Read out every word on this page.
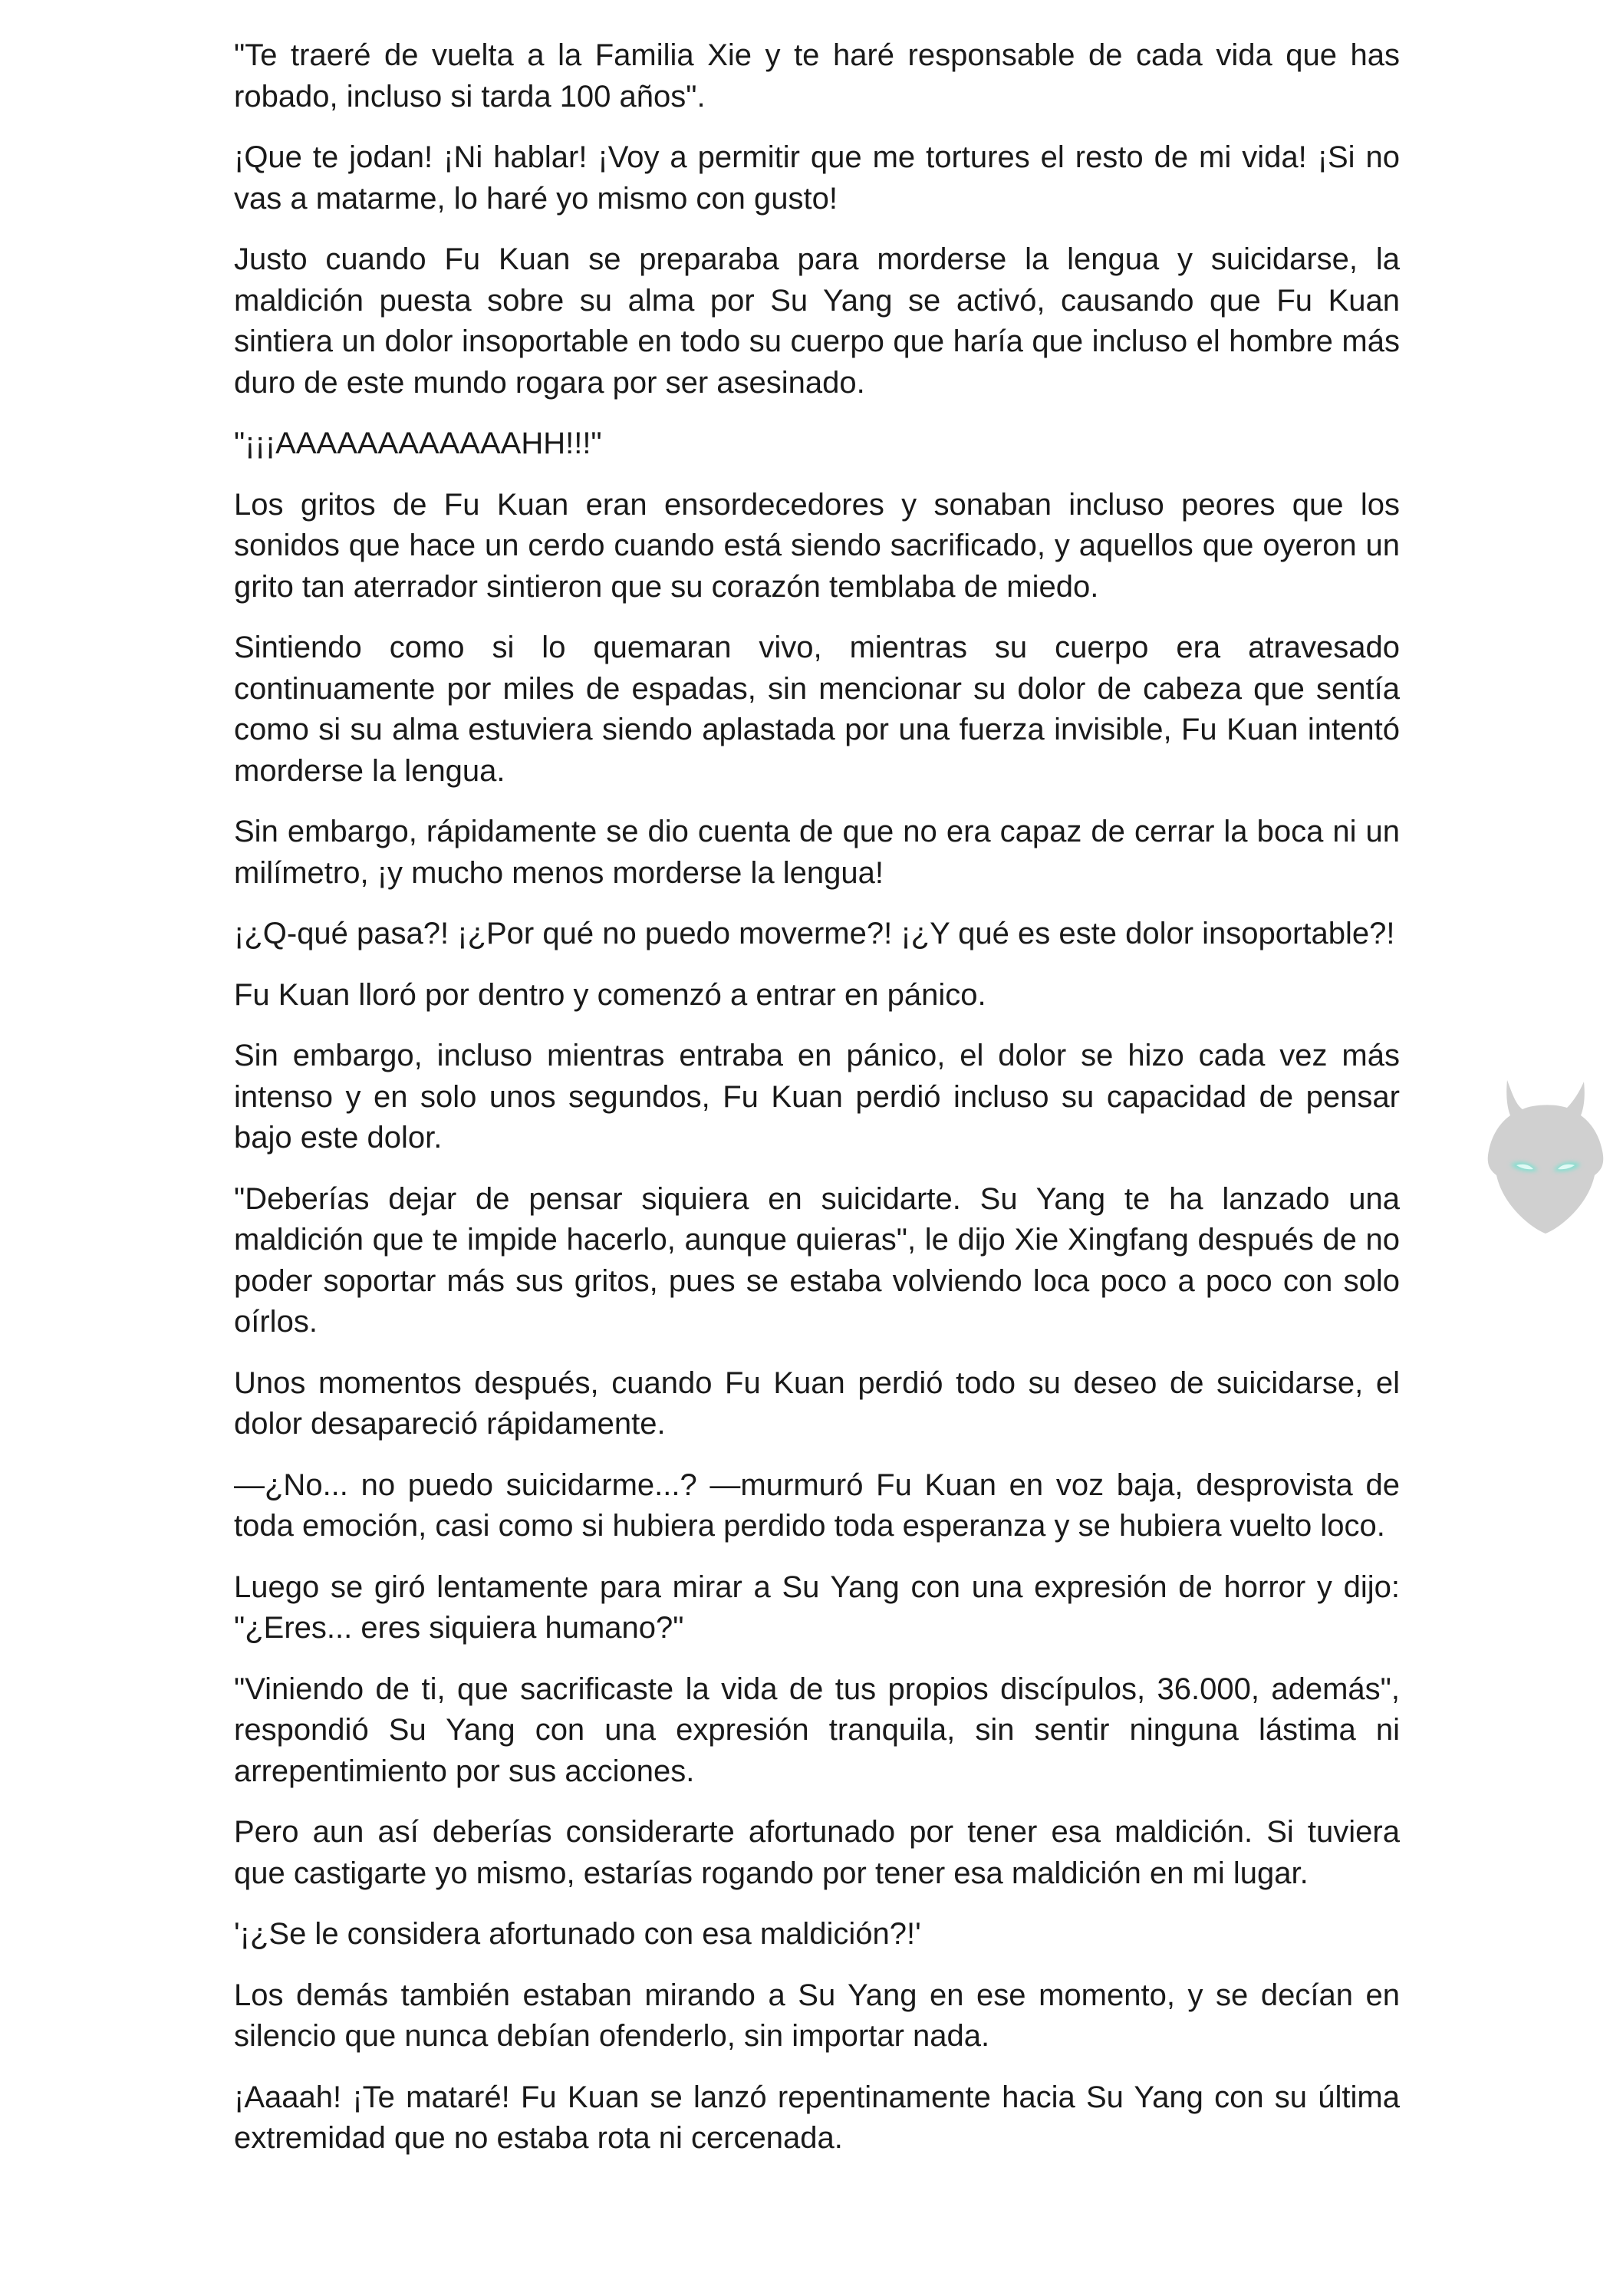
"Te traeré de vuelta a la Familia Xie y te haré responsable de cada vida que has robado, incluso si tarda 100 años".

¡Que te jodan! ¡Ni hablar! ¡Voy a permitir que me tortures el resto de mi vida! ¡Si no vas a matarme, lo haré yo mismo con gusto!

Justo cuando Fu Kuan se preparaba para morderse la lengua y suicidarse, la maldición puesta sobre su alma por Su Yang se activó, causando que Fu Kuan sintiera un dolor insoportable en todo su cuerpo que haría que incluso el hombre más duro de este mundo rogara por ser asesinado.

"¡¡¡AAAAAAAAAAAAHH!!!"

Los gritos de Fu Kuan eran ensordecedores y sonaban incluso peores que los sonidos que hace un cerdo cuando está siendo sacrificado, y aquellos que oyeron un grito tan aterrador sintieron que su corazón temblaba de miedo.

Sintiendo como si lo quemaran vivo, mientras su cuerpo era atravesado continuamente por miles de espadas, sin mencionar su dolor de cabeza que sentía como si su alma estuviera siendo aplastada por una fuerza invisible, Fu Kuan intentó morderse la lengua.

Sin embargo, rápidamente se dio cuenta de que no era capaz de cerrar la boca ni un milímetro, ¡y mucho menos morderse la lengua!

¡¿Q-qué pasa?! ¡¿Por qué no puedo moverme?! ¡¿Y qué es este dolor insoportable?!

Fu Kuan lloró por dentro y comenzó a entrar en pánico.

Sin embargo, incluso mientras entraba en pánico, el dolor se hizo cada vez más intenso y en solo unos segundos, Fu Kuan perdió incluso su capacidad de pensar bajo este dolor.

"Deberías dejar de pensar siquiera en suicidarte. Su Yang te ha lanzado una maldición que te impide hacerlo, aunque quieras", le dijo Xie Xingfang después de no poder soportar más sus gritos, pues se estaba volviendo loca poco a poco con solo oírlos.

Unos momentos después, cuando Fu Kuan perdió todo su deseo de suicidarse, el dolor desapareció rápidamente.

—¿No... no puedo suicidarme...? —murmuró Fu Kuan en voz baja, desprovista de toda emoción, casi como si hubiera perdido toda esperanza y se hubiera vuelto loco.

Luego se giró lentamente para mirar a Su Yang con una expresión de horror y dijo: "¿Eres... eres siquiera humano?"

"Viniendo de ti, que sacrificaste la vida de tus propios discípulos, 36.000, además", respondió Su Yang con una expresión tranquila, sin sentir ninguna lástima ni arrepentimiento por sus acciones.

Pero aun así deberías considerarte afortunado por tener esa maldición. Si tuviera que castigarte yo mismo, estarías rogando por tener esa maldición en mi lugar.

'¡¿Se le considera afortunado con esa maldición?!'

Los demás también estaban mirando a Su Yang en ese momento, y se decían en silencio que nunca debían ofenderlo, sin importar nada.

¡Aaaah! ¡Te mataré! Fu Kuan se lanzó repentinamente hacia Su Yang con su última extremidad que no estaba rota ni cercenada.
